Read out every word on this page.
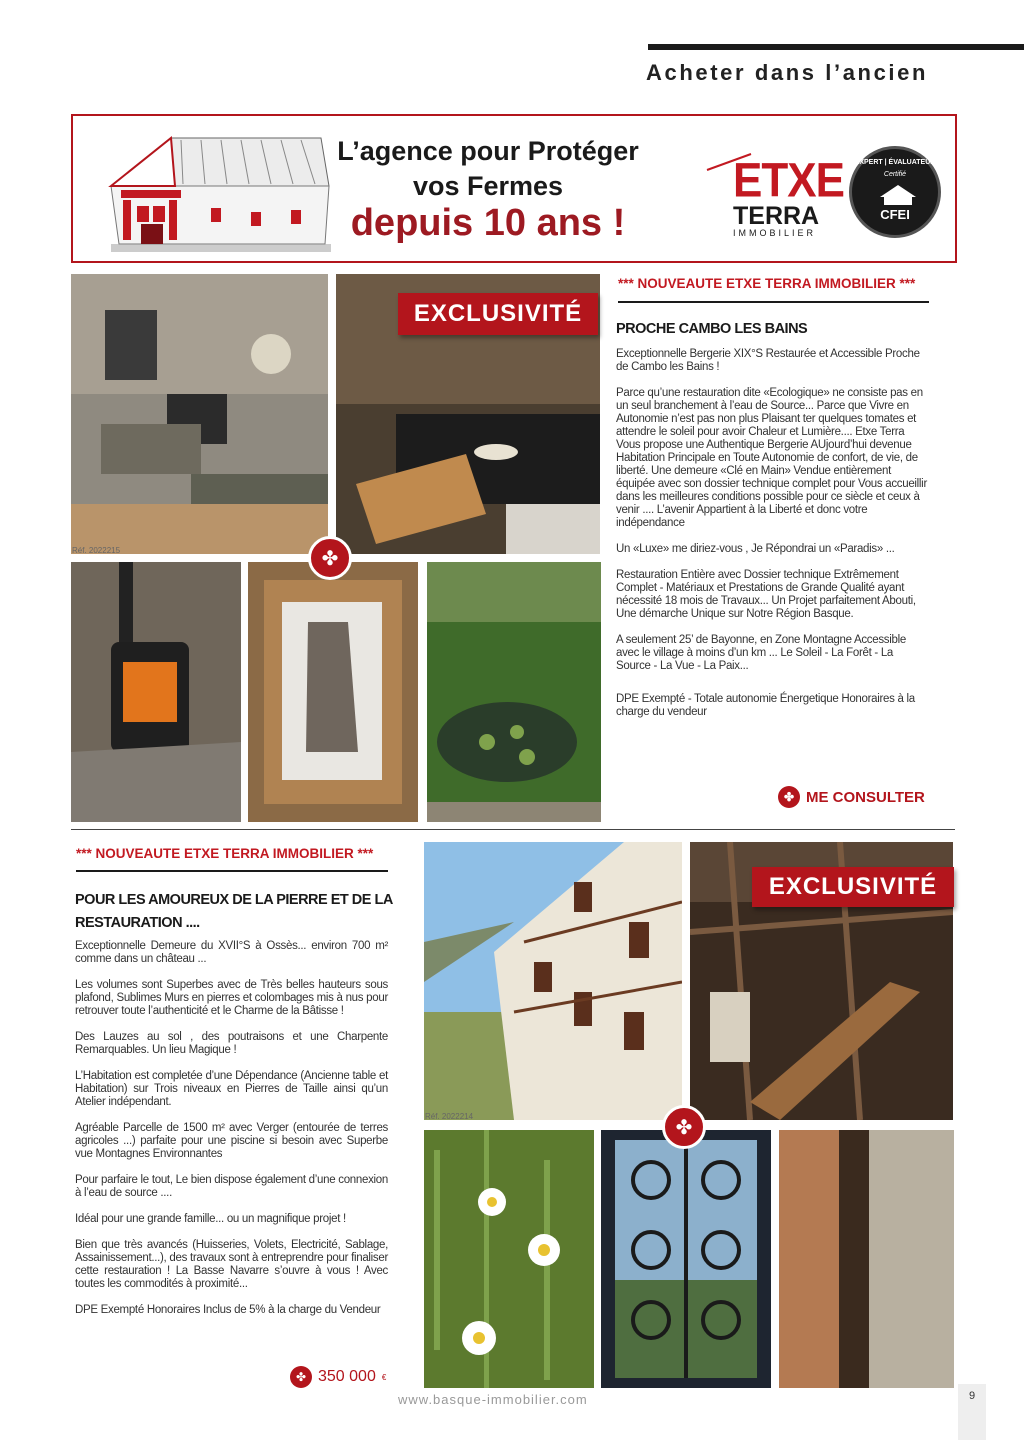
Acheter dans l’ancien
L’agence pour Protéger
vos Fermes
depuis 10 ans !
ETXE
TERRA
IMMOBILIER
EXPERT | ÉVALUATEUR
Certifié
CFEI
Réf. 2022215
EXCLUSIVITÉ
✤
*** NOUVEAUTE ETXE TERRA IMMOBILIER ***
PROCHE CAMBO LES BAINS

Exceptionnelle Bergerie XIX°S Restaurée et Accessible Proche de Cambo les Bains !

Parce qu’une restauration dite «Ecologique» ne consiste pas en un seul branchement à l’eau de Source... Parce que Vivre en Autonomie n’est pas non plus Plaisant ter quelques tomates et attendre le soleil pour avoir Chaleur et Lumière.... Etxe Terra Vous propose une Authentique Bergerie AUjourd’hui devenue Habitation Principale en Toute Autonomie de confort, de vie, de liberté. Une demeure «Clé en Main» Vendue entièrement équipée avec son dossier technique complet pour Vous accueillir dans les meilleures conditions possible pour ce siècle et ceux à venir .... L’avenir Appartient à la Liberté et donc votre indépendance

Un «Luxe» me diriez-vous , Je Répondrai un «Paradis» ...

Restauration Entière avec Dossier technique Extrêmement Complet - Matériaux et Prestations de Grande Qualité ayant nécessité 18 mois de Travaux... Un Projet parfaitement Abouti, Une démarche Unique sur Notre Région Basque.

A seulement 25’ de Bayonne, en Zone Montagne Accessible avec le village à moins d’un km ... Le Soleil - La Forêt - La Source - La Vue - La Paix...

DPE Exempté - Totale autonomie Énergetique Honoraires à la charge du vendeur

✤ ME CONSULTER
*** NOUVEAUTE ETXE TERRA IMMOBILIER ***
POUR LES AMOUREUX DE LA PIERRE ET DE LA RESTAURATION ....

Exceptionnelle Demeure du XVII°S à Ossès... environ 700 m² comme dans un château ...

Les volumes sont Superbes avec de Très belles hauteurs sous plafond, Sublimes Murs en pierres et colombages mis à nus pour retrouver toute l’authenticité et le Charme de la Bâtisse !

Des Lauzes au sol , des poutraisons et une Charpente Remarquables. Un lieu Magique !

L’Habitation est completée d’une Dépendance (Ancienne table et Habitation) sur Trois niveaux en Pierres de Taille ainsi qu’un Atelier indépendant.

Agréable Parcelle de 1500 m² avec Verger (entourée de terres agricoles ...) parfaite pour une piscine si besoin avec Superbe vue Montagnes Environnantes

Pour parfaire le tout, Le bien dispose également d’une connexion à l’eau de source ....

Idéal pour une grande famille... ou un magnifique projet !

Bien que très avancés (Huisseries, Volets, Electricité, Sablage, Assainissement...), des travaux sont à entreprendre pour finaliser cette restauration ! La Basse Navarre s’ouvre à vous ! Avec toutes les commodités à proximité...

DPE Exempté Honoraires Inclus de 5% à la charge du Vendeur

✤ 350 000 €
Réf. 2022214
EXCLUSIVITÉ
✤
www.basque-immobilier.com	9
